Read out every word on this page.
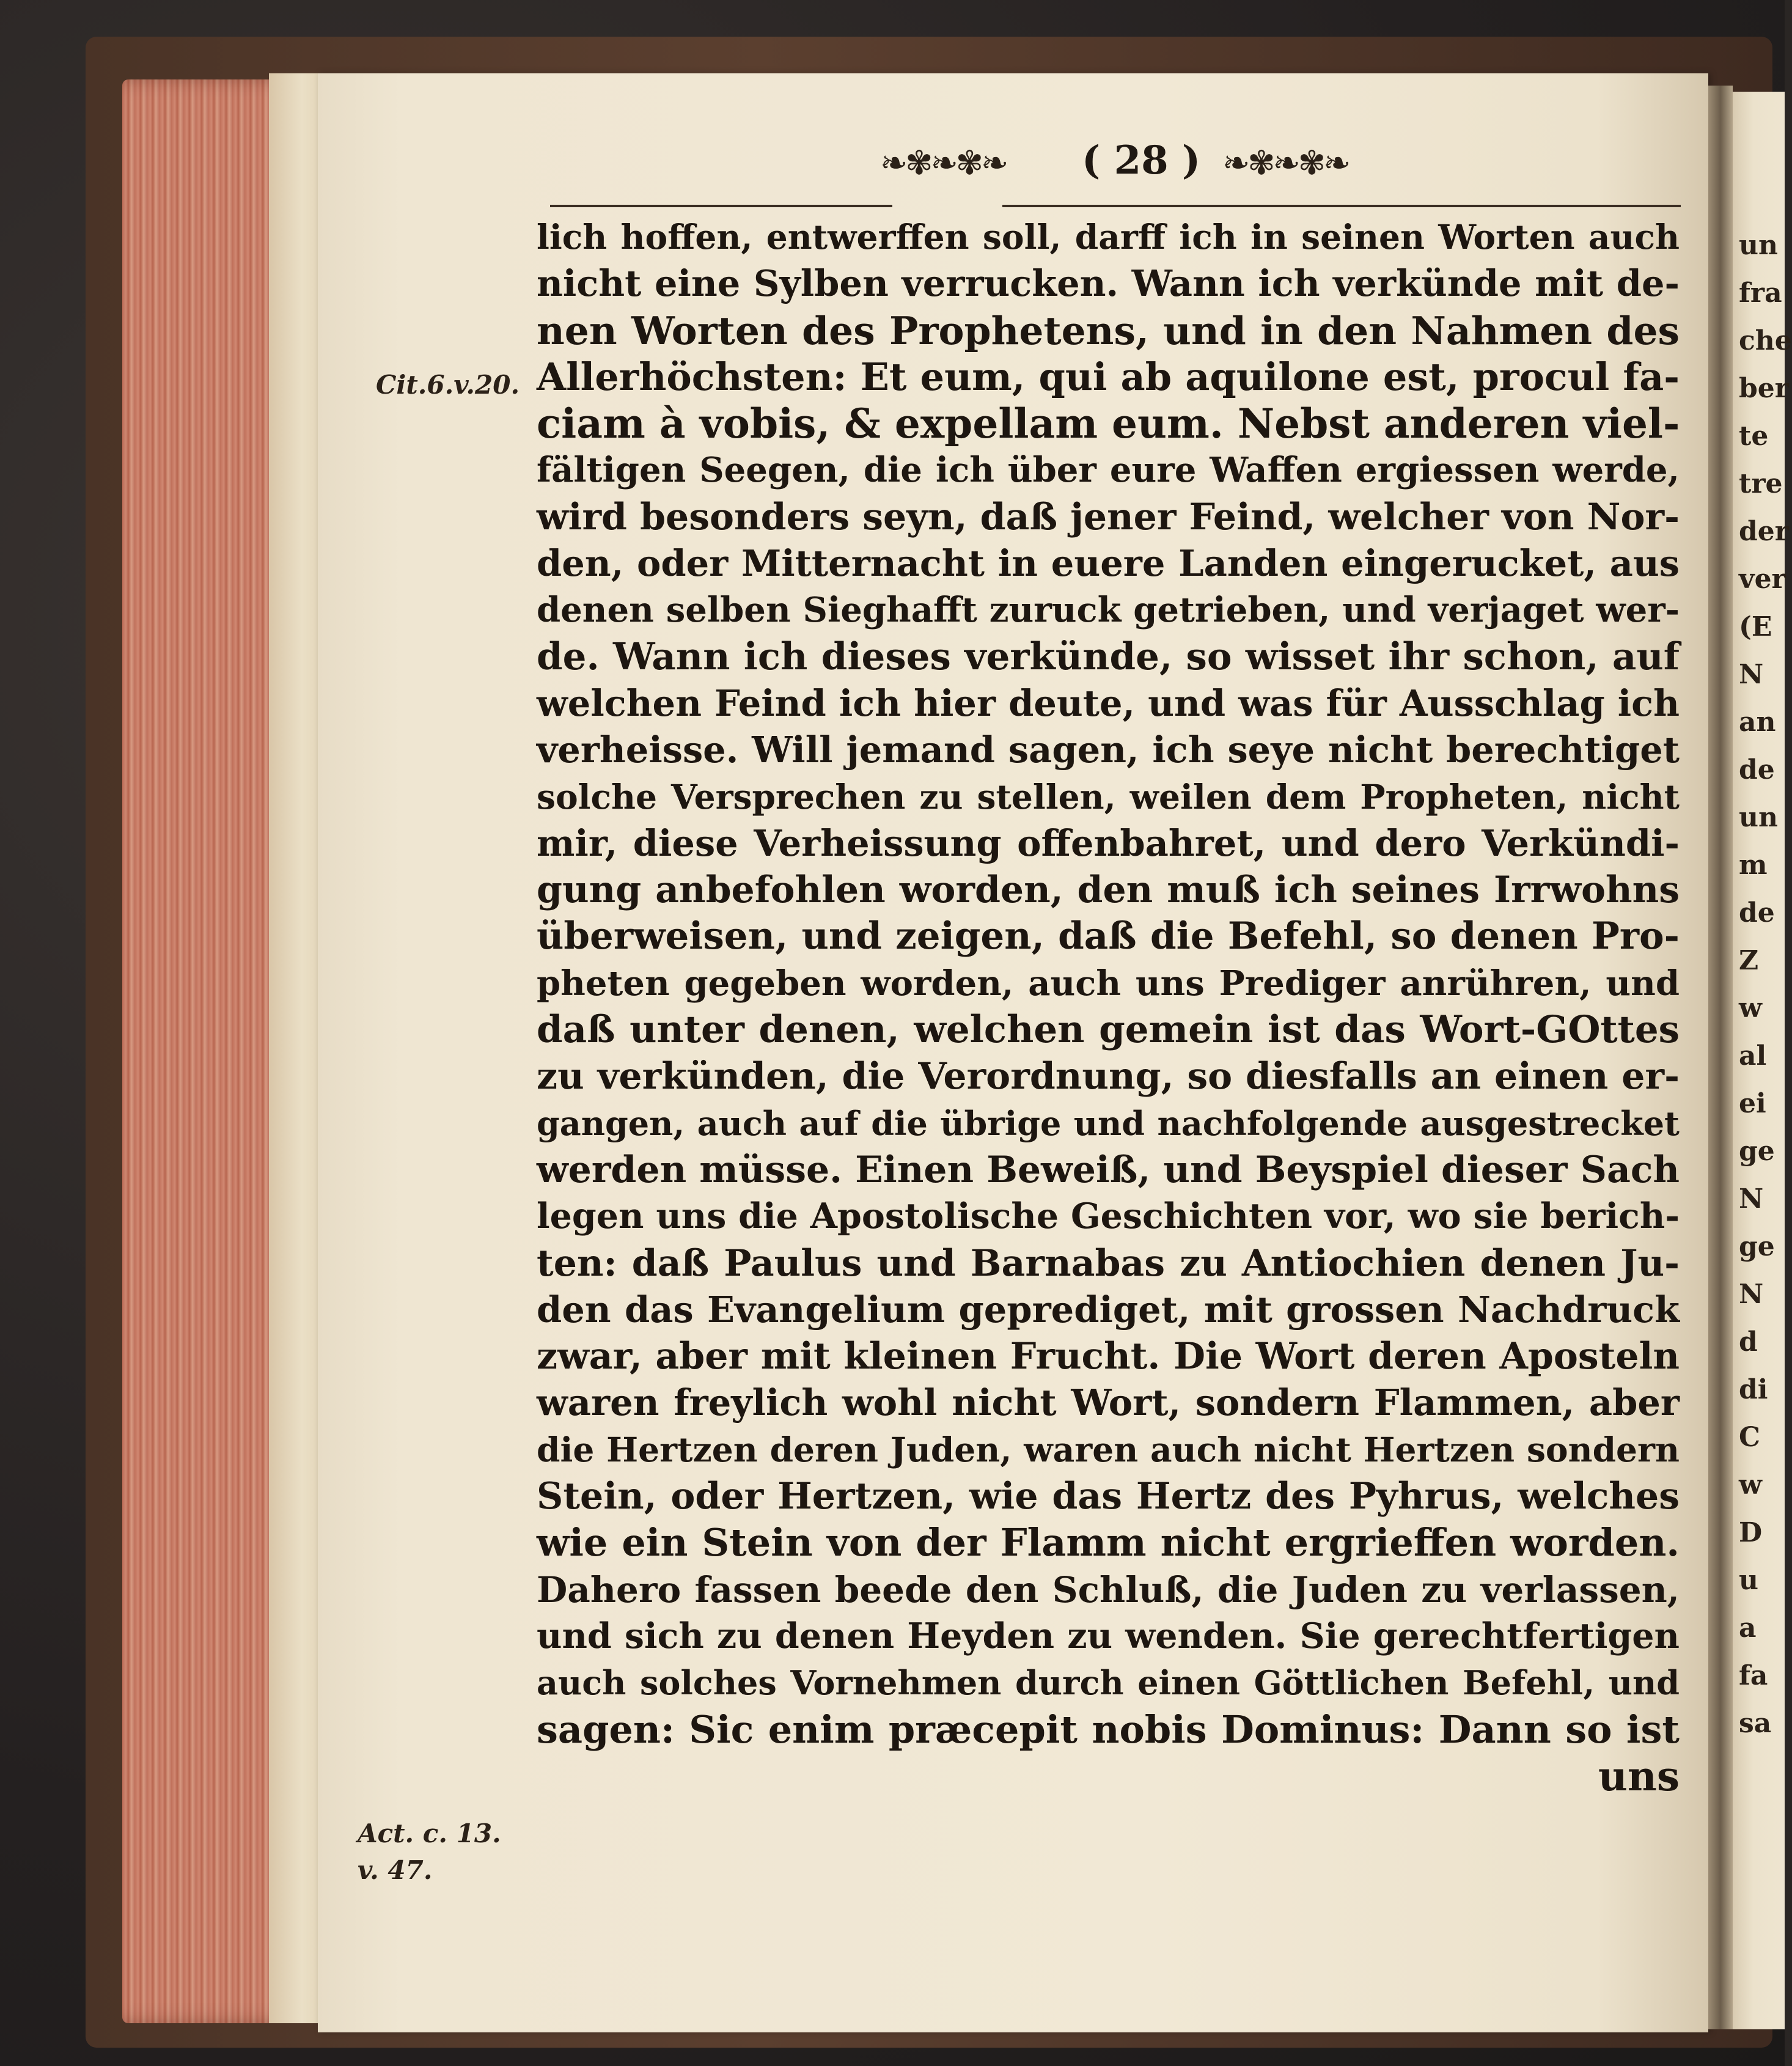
un
fra
che
ber
te
tre
der
ver
(E
N
an
de
un
m
de
Z
w
al
ei
ge
N
ge
N
d
di
C
w
D
u
a
fa
sa
❧✾❧✾❧ ( 28 ) ❧✾❧✾❧
Cit.6.v.20.
Act. c. 13.
v. 47.
lich hoffen, entwerffen soll, darff ich in seinen Worten auch
nicht eine Sylben verrucken. Wann ich verkünde mit de-
nen Worten des Prophetens, und in den Nahmen des
Allerhöchsten: Et eum, qui ab aquilone est, procul fa-
ciam à vobis, & expellam eum. Nebst anderen viel-
fältigen Seegen, die ich über eure Waffen ergiessen werde,
wird besonders seyn, daß jener Feind, welcher von Nor-
den, oder Mitternacht in euere Landen eingerucket, aus
denen selben Sieghafft zuruck getrieben, und verjaget wer-
de. Wann ich dieses verkünde, so wisset ihr schon, auf
welchen Feind ich hier deute, und was für Ausschlag ich
verheisse. Will jemand sagen, ich seye nicht berechtiget
solche Versprechen zu stellen, weilen dem Propheten, nicht
mir, diese Verheissung offenbahret, und dero Verkündi-
gung anbefohlen worden, den muß ich seines Irrwohns
überweisen, und zeigen, daß die Befehl, so denen Pro-
pheten gegeben worden, auch uns Prediger anrühren, und
daß unter denen, welchen gemein ist das Wort-GOttes
zu verkünden, die Verordnung, so diesfalls an einen er-
gangen, auch auf die übrige und nachfolgende ausgestrecket
werden müsse. Einen Beweiß, und Beyspiel dieser Sach
legen uns die Apostolische Geschichten vor, wo sie berich-
ten: daß Paulus und Barnabas zu Antiochien denen Ju-
den das Evangelium geprediget, mit grossen Nachdruck
zwar, aber mit kleinen Frucht. Die Wort deren Aposteln
waren freylich wohl nicht Wort, sondern Flammen, aber
die Hertzen deren Juden, waren auch nicht Hertzen sondern
Stein, oder Hertzen, wie das Hertz des Pyhrus, welches
wie ein Stein von der Flamm nicht ergrieffen worden.
Dahero fassen beede den Schluß, die Juden zu verlassen,
und sich zu denen Heyden zu wenden. Sie gerechtfertigen
auch solches Vornehmen durch einen Göttlichen Befehl, und
sagen: Sic enim præcepit nobis Dominus: Dann so ist
uns
